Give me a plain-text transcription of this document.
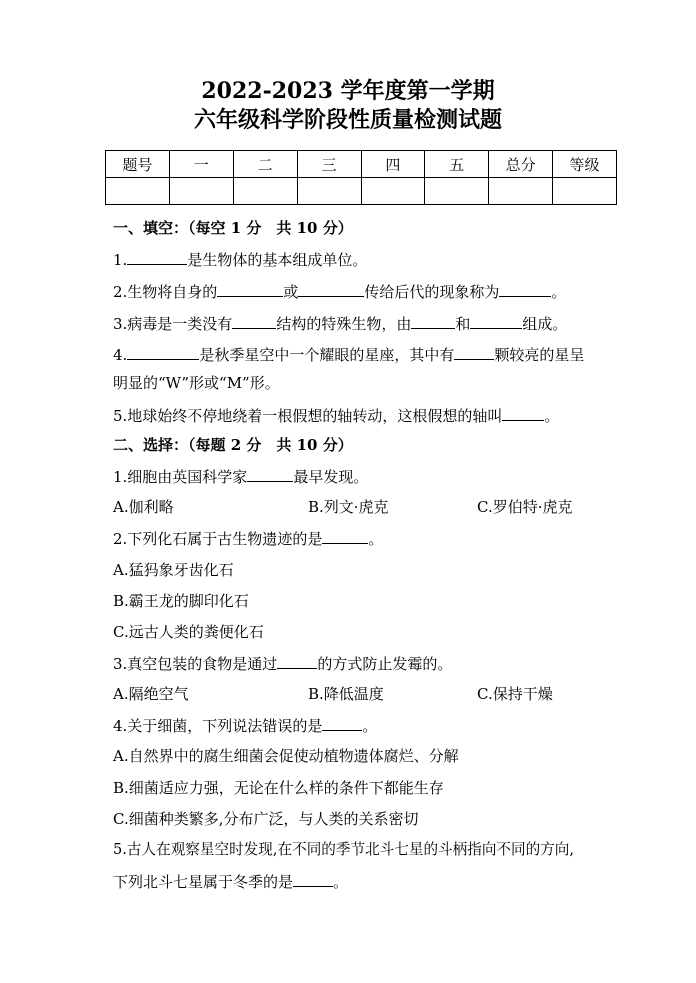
2022-2023 学年度第一学期
六年级科学阶段性质量检测试题
题号	一	二	三	四	五	总分	等级

一、填空：（每空 1 分　共 10 分）
1.	是生物体的基本组成单位。
2.生物将自身的	或	传给后代的现象称为	。
3.病毒是一类没有	结构的特殊生物，由	和	组成。
4.	是秋季星空中一个耀眼的星座，其中有	颗较亮的星呈
明显的“W”形或“M”形。
5.地球始终不停地绕着一根假想的轴转动，这根假想的轴叫	。
二、选择：（每题 2 分　共 10 分）
1.细胞由英国科学家	最早发现。
A.伽利略	B.列文·虎克	C.罗伯特·虎克
2.下列化石属于古生物遗迹的是	。
A.猛犸象牙齿化石
B.霸王龙的脚印化石
C.远古人类的粪便化石
3.真空包装的食物是通过	的方式防止发霉的。
A.隔绝空气	B.降低温度	C.保持干燥
4.关于细菌，下列说法错误的是	。
A.自然界中的腐生细菌会促使动植物遗体腐烂、分解
B.细菌适应力强，无论在什么样的条件下都能生存
C.细菌种类繁多,分布广泛，与人类的关系密切
5.古人在观察星空时发现,在不同的季节北斗七星的斗柄指向不同的方向,
下列北斗七星属于冬季的是	。
